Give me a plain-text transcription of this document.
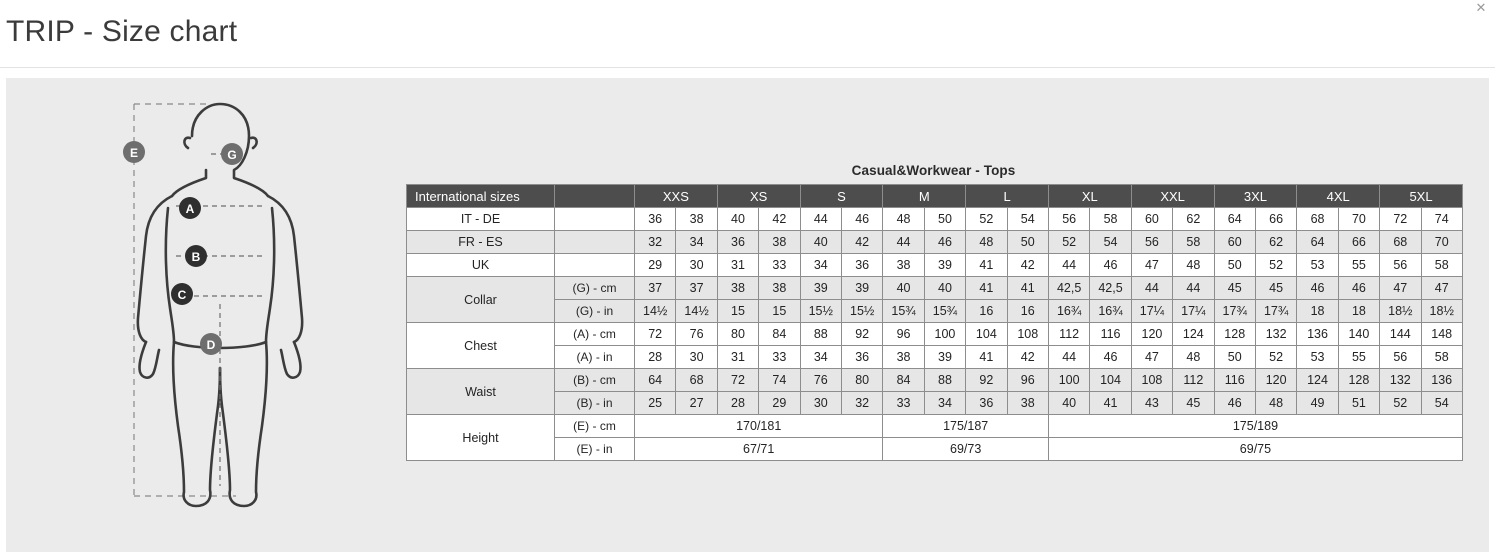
TRIP - Size chart
✕
E	G
A
B
C
D
Casual&Workwear - Tops
International sizes		XXS		XS		S		M		L		XL		XXL		3XL		4XL		5XL	
IT - DE		36	38	40	42	44	46	48	50	52	54	56	58	60	62	64	66	68	70	72	74
FR - ES		32	34	36	38	40	42	44	46	48	50	52	54	56	58	60	62	64	66	68	70
UK		29	30	31	33	34	36	38	39	41	42	44	46	47	48	50	52	53	55	56	58
Collar	(G) - cm	37	37	38	38	39	39	40	40	41	41	42,5	42,5	44	44	45	45	46	46	47	47
	(G) - in	14½	14½	15	15	15½	15½	15¾	15¾	16	16	16¾	16¾	17¼	17¼	17¾	17¾	18	18	18½	18½
Chest	(A) - cm	72	76	80	84	88	92	96	100	104	108	112	116	120	124	128	132	136	140	144	148
	(A) - in	28	30	31	33	34	36	38	39	41	42	44	46	47	48	50	52	53	55	56	58
Waist	(B) - cm	64	68	72	74	76	80	84	88	92	96	100	104	108	112	116	120	124	128	132	136
	(B) - in	25	27	28	29	30	32	33	34	36	38	40	41	43	45	46	48	49	51	52	54
Height	(E) - cm	170/181						175/187				175/189									
	(E) - in	67/71						69/73				69/75									
